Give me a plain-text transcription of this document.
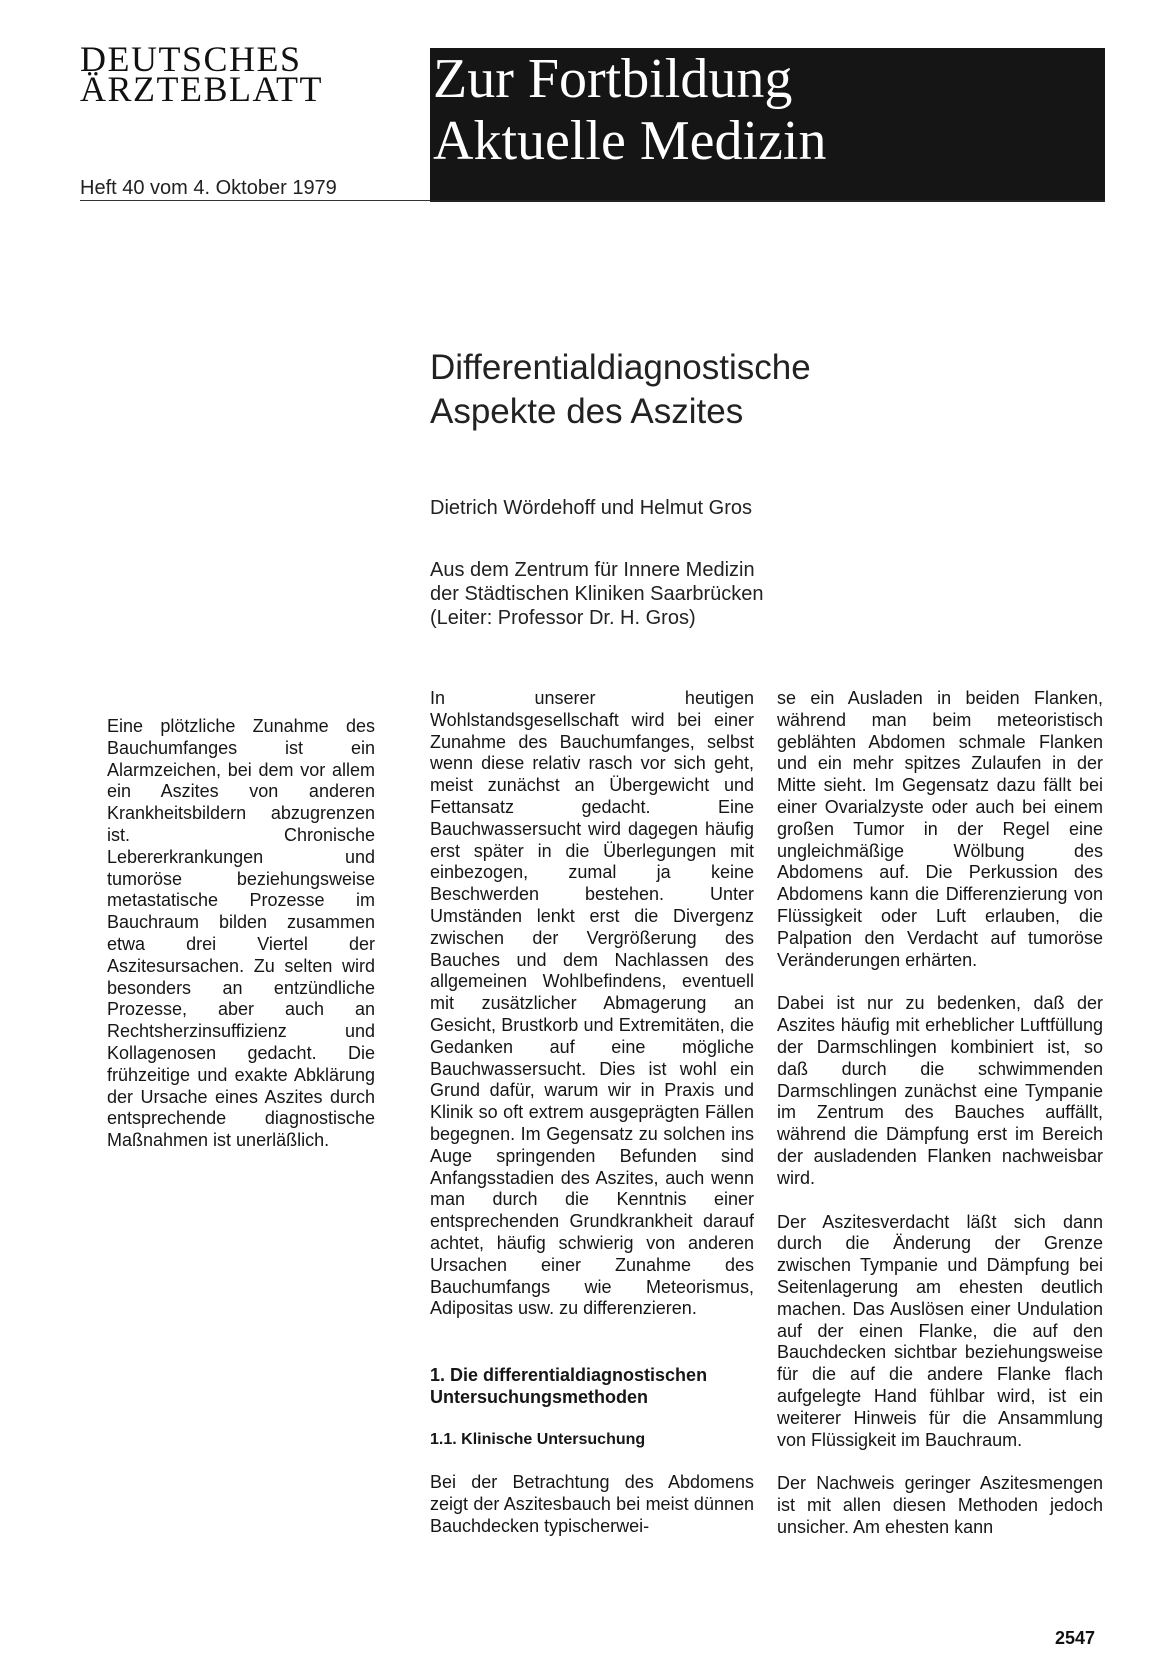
DEUTSCHES
ÄRZTEBLATT
Heft 40 vom 4. Oktober 1979
Zur Fortbildung
Aktuelle Medizin
Differentialdiagnostische
Aspekte des Aszites
Dietrich Wördehoff und Helmut Gros
Aus dem Zentrum für Innere Medizin
der Städtischen Kliniken Saarbrücken
(Leiter: Professor Dr. H. Gros)

Eine plötzliche Zunahme des Bauchumfanges ist ein Alarmzeichen, bei dem vor allem ein Aszites von anderen Krankheitsbildern abzugrenzen ist. Chronische Lebererkrankungen und tumoröse beziehungsweise metastatische Prozesse im Bauchraum bilden zusammen etwa drei Viertel der Aszitesursachen. Zu selten wird besonders an entzündliche Prozesse, aber auch an Rechtsherzinsuffizienz und Kollagenosen gedacht. Die frühzeitige und exakte Abklärung der Ursache eines Aszites durch entsprechende diagnostische Maßnahmen ist unerläßlich.

In unserer heutigen Wohlstandsgesellschaft wird bei einer Zunahme des Bauchumfanges, selbst wenn diese relativ rasch vor sich geht, meist zunächst an Übergewicht und Fettansatz gedacht. Eine Bauchwassersucht wird dagegen häufig erst später in die Überlegungen mit einbezogen, zumal ja keine Beschwerden bestehen. Unter Umständen lenkt erst die Divergenz zwischen der Vergrößerung des Bauches und dem Nachlassen des allgemeinen Wohlbefindens, eventuell mit zusätzlicher Abmagerung an Gesicht, Brustkorb und Extremitäten, die Gedanken auf eine mögliche Bauchwassersucht. Dies ist wohl ein Grund dafür, warum wir in Praxis und Klinik so oft extrem ausgeprägten Fällen begegnen. Im Gegensatz zu solchen ins Auge springenden Befunden sind Anfangsstadien des Aszites, auch wenn man durch die Kenntnis einer entsprechenden Grundkrankheit darauf achtet, häufig schwierig von anderen Ursachen einer Zunahme des Bauchumfangs wie Meteorismus, Adipositas usw. zu differenzieren.

1. Die differentialdiagnostischen Untersuchungsmethoden

1.1. Klinische Untersuchung

Bei der Betrachtung des Abdomens zeigt der Aszitesbauch bei meist dünnen Bauchdecken typischerwei-

se ein Ausladen in beiden Flanken, während man beim meteoristisch geblähten Abdomen schmale Flanken und ein mehr spitzes Zulaufen in der Mitte sieht. Im Gegensatz dazu fällt bei einer Ovarialzyste oder auch bei einem großen Tumor in der Regel eine ungleichmäßige Wölbung des Abdomens auf. Die Perkussion des Abdomens kann die Differenzierung von Flüssigkeit oder Luft erlauben, die Palpation den Verdacht auf tumoröse Veränderungen erhärten.

Dabei ist nur zu bedenken, daß der Aszites häufig mit erheblicher Luftfüllung der Darmschlingen kombiniert ist, so daß durch die schwimmenden Darmschlingen zunächst eine Tympanie im Zentrum des Bauches auffällt, während die Dämpfung erst im Bereich der ausladenden Flanken nachweisbar wird.

Der Aszitesverdacht läßt sich dann durch die Änderung der Grenze zwischen Tympanie und Dämpfung bei Seitenlagerung am ehesten deutlich machen. Das Auslösen einer Undulation auf der einen Flanke, die auf den Bauchdecken sichtbar beziehungsweise für die auf die andere Flanke flach aufgelegte Hand fühlbar wird, ist ein weiterer Hinweis für die Ansammlung von Flüssigkeit im Bauchraum.

Der Nachweis geringer Aszitesmengen ist mit allen diesen Methoden jedoch unsicher. Am ehesten kann

2547
